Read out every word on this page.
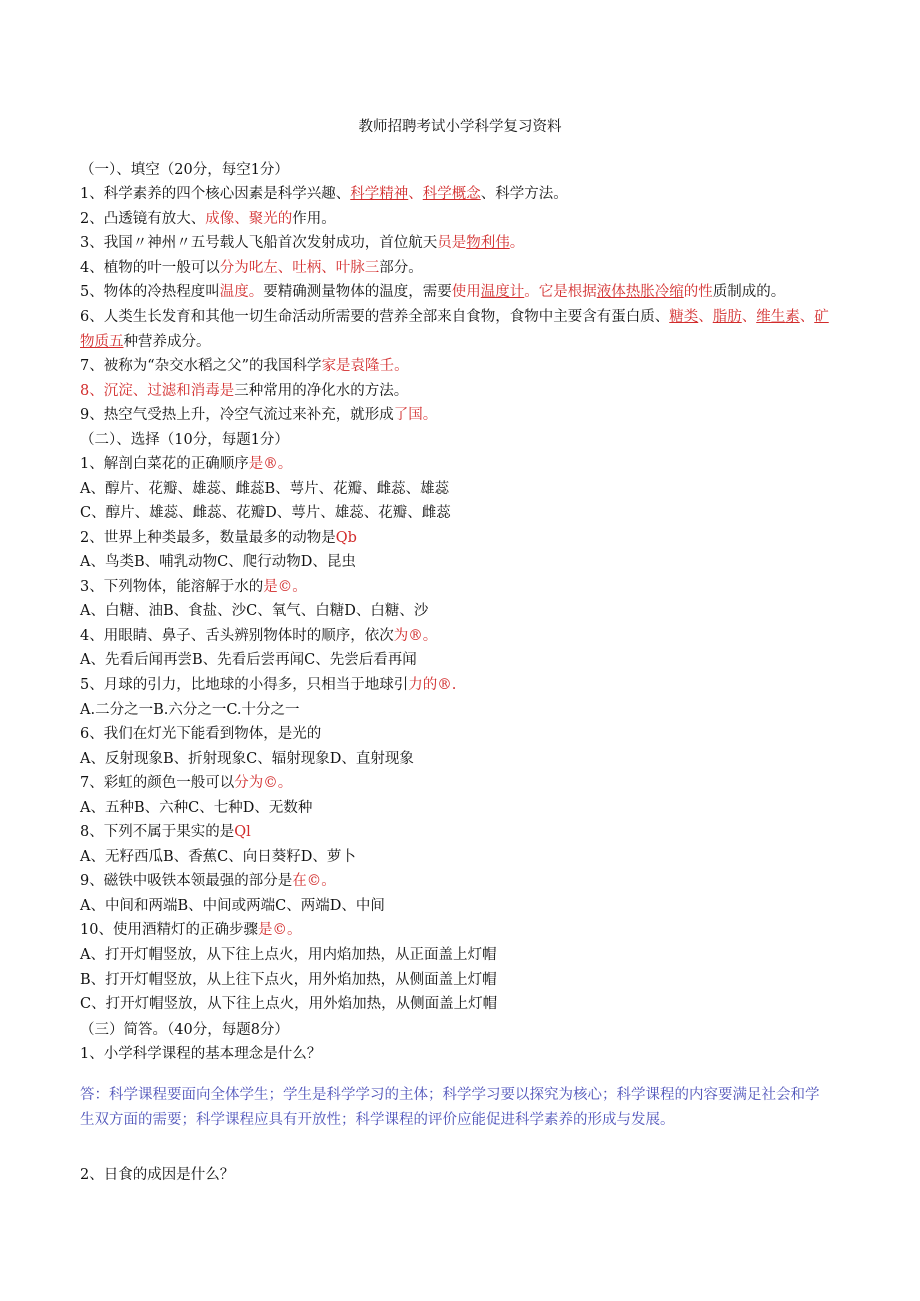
教师招聘考试小学科学复习资料
（一）、填空（20分，每空1分）
1、科学素养的四个核心因素是科学兴趣、科学精神、科学概念、科学方法。
2、凸透镜有放大、成像、聚光的作用。
3、我国〃神州〃五号载人飞船首次发射成功，首位航天员是物利伟。
4、植物的叶一般可以分为叱左、吐柄、叶脉三部分。
5、物体的冷热程度叫温度。要精确测量物体的温度，需要使用温度计。它是根据液体热胀冷缩的性质制成的。
6、人类生长发育和其他一切生命活动所需要的营养全部来自食物，食物中主要含有蛋白质、糖类、脂肪、维生素、矿物质五种营养成分。
7、被称为“杂交水稻之父”的我国科学家是袁隆壬。
8、沉淀、过滤和消毒是三种常用的净化水的方法。
9、热空气受热上升，冷空气流过来补充，就形成了国。
（二）、选择（10分，每题1分）
1、解剖白菜花的正确顺序是®。
A、醇片、花瓣、雄蕊、雌蕊B、萼片、花瓣、雌蕊、雄蕊
C、醇片、雄蕊、雌蕊、花瓣D、萼片、雄蕊、花瓣、雌蕊
2、世界上种类最多，数量最多的动物是Qb
A、鸟类B、哺乳动物C、爬行动物D、昆虫
3、下列物体，能溶解于水的是©。
A、白糖、油B、食盐、沙C、氧气、白糖D、白糖、沙
4、用眼睛、鼻子、舌头辨别物体时的顺序，依次为®。
A、先看后闻再尝B、先看后尝再闻C、先尝后看再闻
5、月球的引力，比地球的小得多，只相当于地球引力的®.
A.二分之一B.六分之一C.十分之一
6、我们在灯光下能看到物体，是光的
A、反射现象B、折射现象C、辐射现象D、直射现象
7、彩虹的颜色一般可以分为©。
A、五种B、六种C、七种D、无数种
8、下列不属于果实的是Ql
A、无籽西瓜B、香蕉C、向日葵籽D、萝卜
9、磁铁中吸铁本领最强的部分是在©。
A、中间和两端B、中间或两端C、两端D、中间
10、使用酒精灯的正确步骤是©。
A、打开灯帽竖放，从下往上点火，用内焰加热，从正面盖上灯帽
B、打开灯帽竖放，从上往下点火，用外焰加热，从侧面盖上灯帽
C、打开灯帽竖放，从下往上点火，用外焰加热，从侧面盖上灯帽
（三）简答。（40分，每题8分）
1、小学科学课程的基本理念是什么？
答：科学课程要面向全体学生；学生是科学学习的主体；科学学习要以探究为核心；科学课程的内容要满足社会和学生双方面的需要；科学课程应具有开放性；科学课程的评价应能促进科学素养的形成与发展。
2、日食的成因是什么？
